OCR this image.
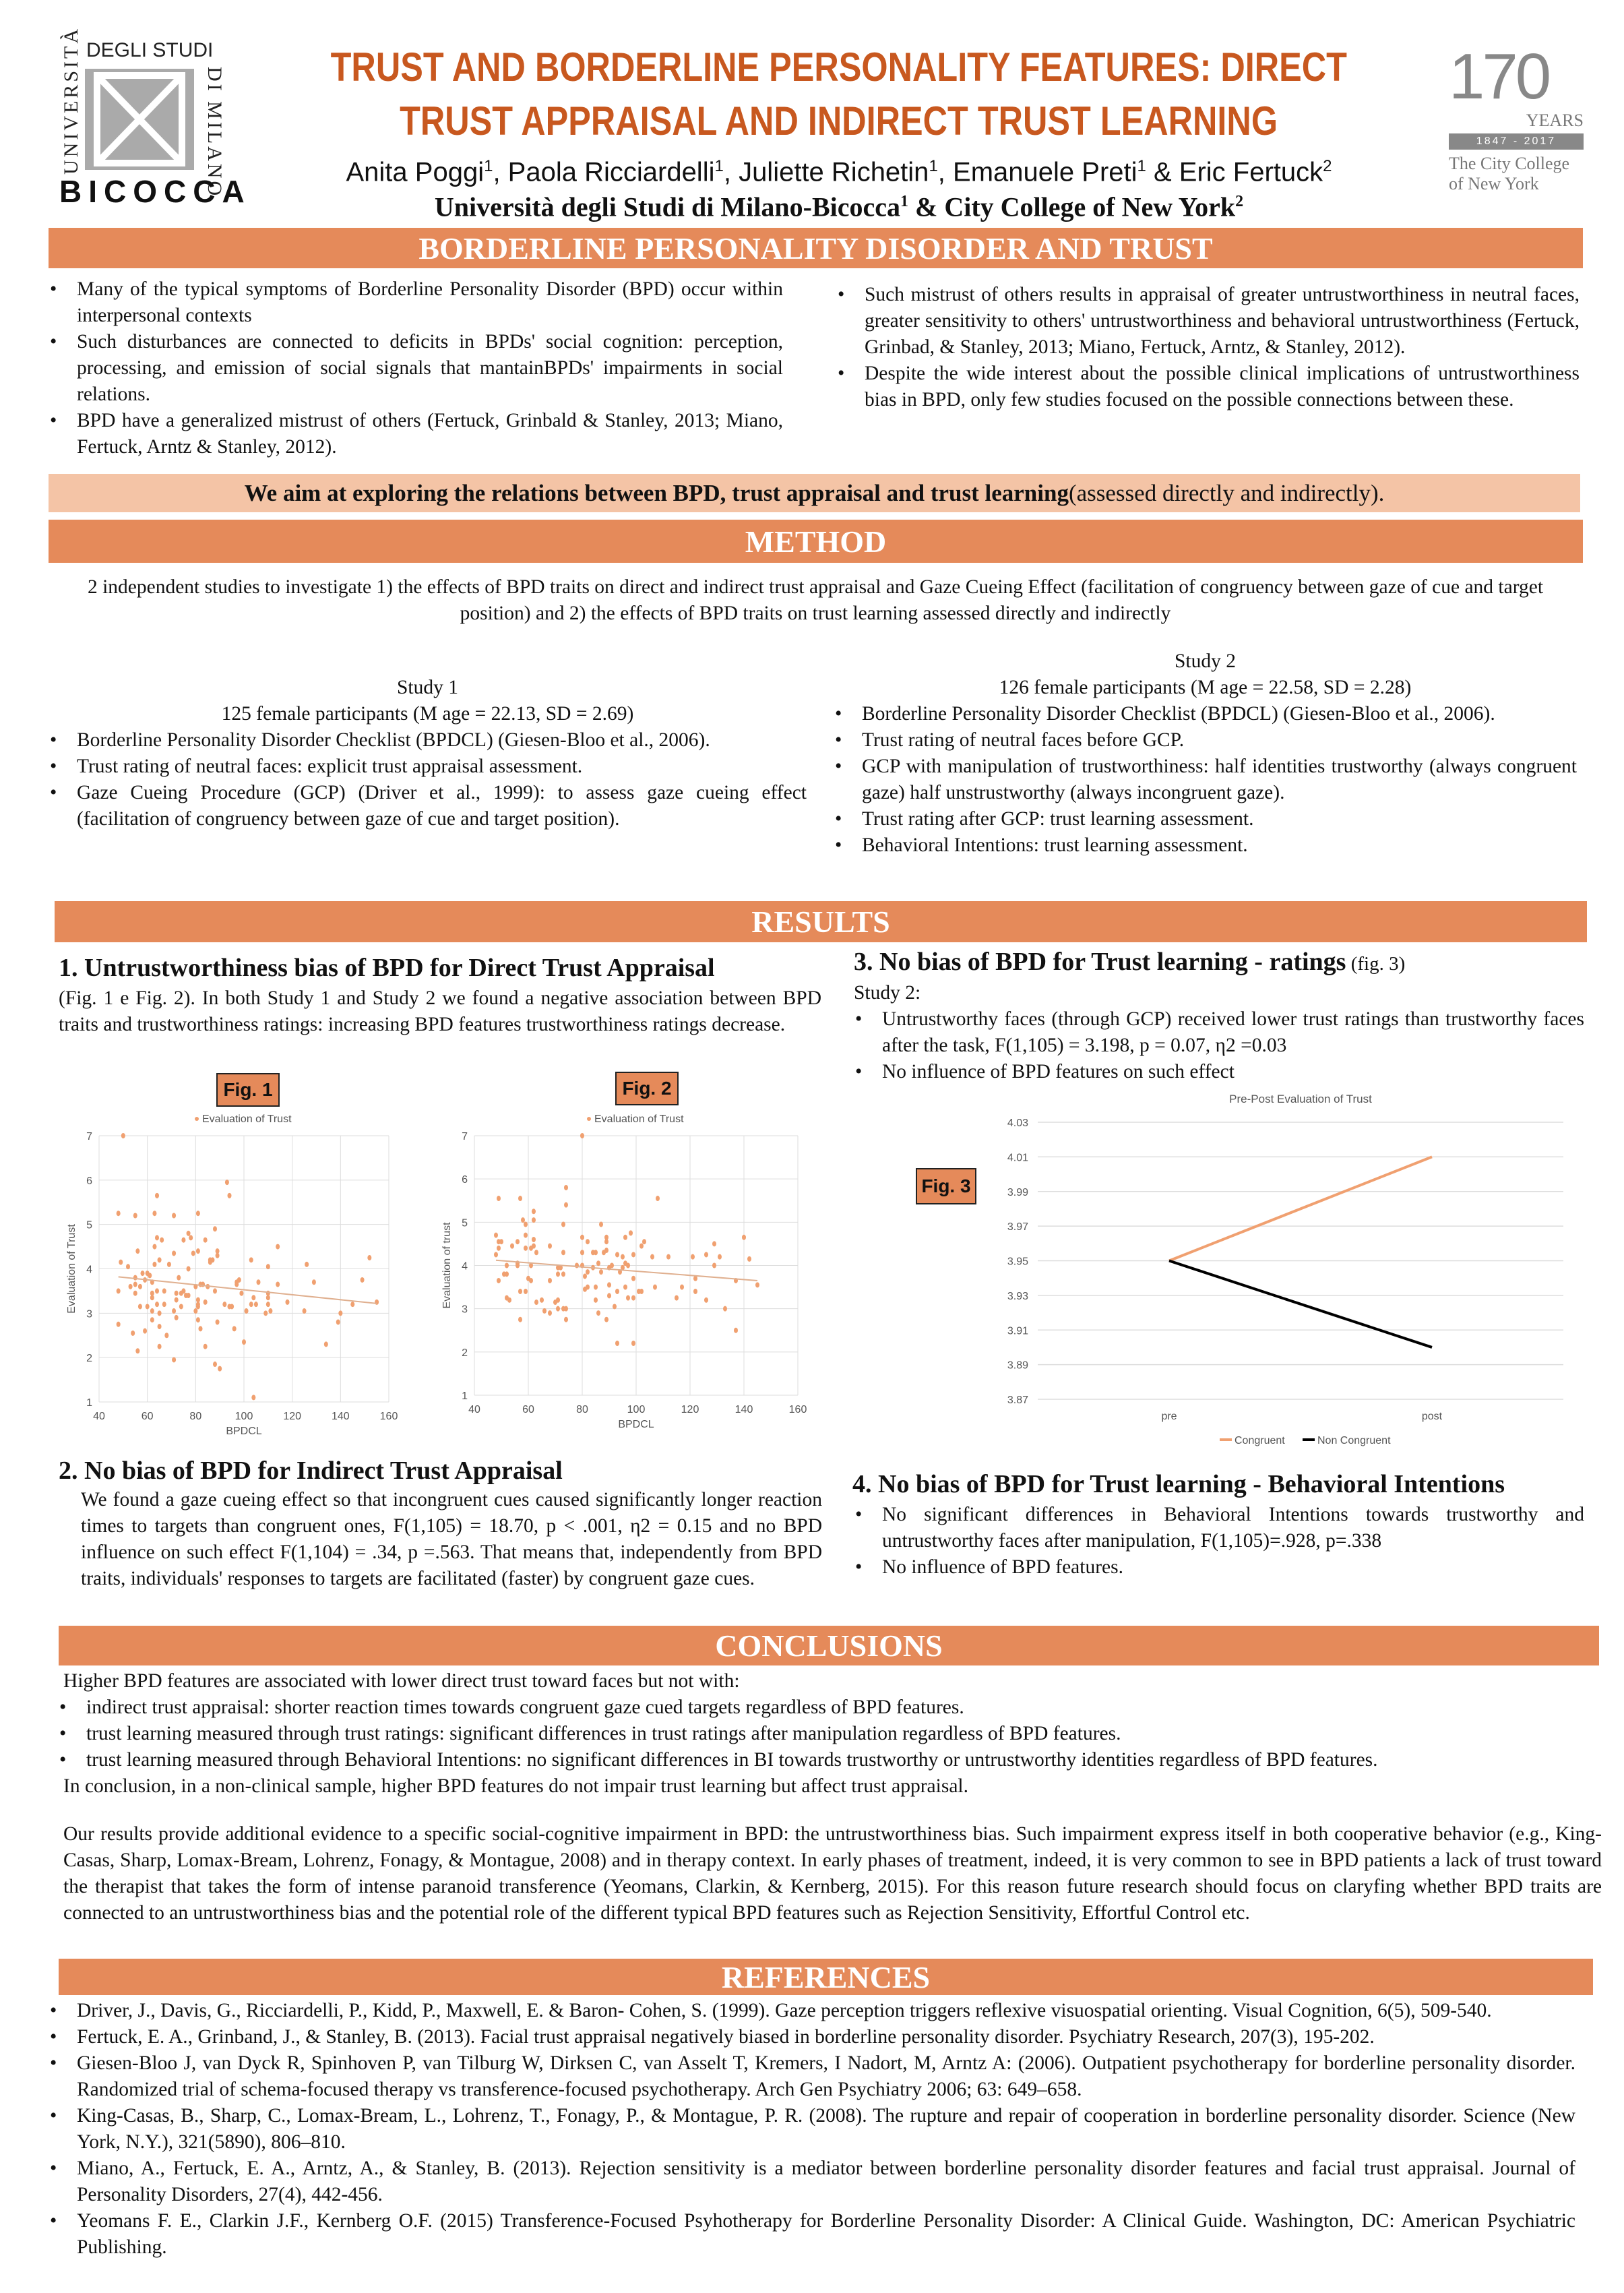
DEGLI STUDI
UNIVERSITÀ	DI MILANO
BICOCCA
TRUST AND BORDERLINE PERSONALITY FEATURES: DIRECT
TRUST APPRAISAL AND INDIRECT TRUST LEARNING
Anita Poggi$^1$, Paola Ricciardelli$^1$, Juliette Richetin$^1$, Emanuele Preti$^1$ & Eric Fertuck$^2$
Università degli Studi di Milano-Bicocca$^1$ & City College of New York$^2$
170
YEARS
1847 - 2017
The City College
of New York
BORDERLINE PERSONALITY DISORDER AND TRUST
• Many of the typical symptoms of Borderline Personality Disorder (BPD) occur within interpersonal contexts
• Such disturbances are connected to deficits in BPDs' social cognition: perception, processing, and emission of social signals that mantainBPDs' impairments in social relations.
• BPD have a generalized mistrust of others (Fertuck, Grinbald & Stanley, 2013; Miano, Fertuck, Arntz & Stanley, 2012).
• Such mistrust of others results in appraisal of greater untrustworthiness in neutral faces, greater sensitivity to others' untrustworthiness and behavioral untrustworthiness (Fertuck, Grinbad, & Stanley, 2013; Miano, Fertuck, Arntz, & Stanley, 2012).
• Despite the wide interest about the possible clinical implications of untrustworthiness bias in BPD, only few studies focused on the possible connections between these.
We aim at exploring the relations between BPD, trust appraisal and trust learning (assessed directly and indirectly).
METHOD
2 independent studies to investigate 1) the effects of BPD traits on direct and indirect trust appraisal and Gaze Cueing Effect (facilitation of congruency between gaze of cue and target position) and 2) the effects of BPD traits on trust learning assessed directly and indirectly
Study 1
125 female participants (M age = 22.13, SD = 2.69)
• Borderline Personality Disorder Checklist (BPDCL) (Giesen-Bloo et al., 2006).
• Trust rating of neutral faces: explicit trust appraisal assessment.
• Gaze Cueing Procedure (GCP) (Driver et al., 1999): to assess gaze cueing effect (facilitation of congruency between gaze of cue and target position).
Study 2
126 female participants (M age = 22.58, SD = 2.28)
• Borderline Personality Disorder Checklist (BPDCL) (Giesen-Bloo et al., 2006).
• Trust rating of neutral faces before GCP.
• GCP with manipulation of trustworthiness: half identities trustworthy (always congruent gaze) half unstrustworthy (always incongruent gaze).
• Trust rating after GCP: trust learning assessment.
• Behavioral Intentions: trust learning assessment.
RESULTS
1. Untrustworthiness bias of BPD for Direct Trust Appraisal
(Fig. 1 e Fig. 2). In both Study 1 and Study 2 we found a negative association between BPD traits and trustworthiness ratings: increasing BPD features trustworthiness ratings decrease.
Fig. 1	Fig. 2
Evaluation of Trust
1
2
3
4
5
6
7
40	60	80	100	120	140	160
BPDCL
Evaluation of Trust
Evaluation of Trust
1
2
3
4
5
6
7
40	60	80	100	120	140	160
BPDCL
Evaluation of trust
2. No bias of BPD for Indirect Trust Appraisal
We found a gaze cueing effect so that incongruent cues caused significantly longer reaction times to targets than congruent ones, F(1,105) = 18.70, p < .001, η2 = 0.15 and no BPD influence on such effect F(1,104) = .34, p =.563. That means that, independently from BPD traits, individuals' responses to targets are facilitated (faster) by congruent gaze cues.
3. No bias of BPD for Trust learning - ratings (fig. 3)
Study 2:
• Untrustworthy faces (through GCP) received lower trust ratings than trustworthy faces after the task, F(1,105) = 3.198, p = 0.07, η2 =0.03
• No influence of BPD features on such effect
Fig. 3
Pre-Post Evaluation of Trust
3.87
3.89
3.91
3.93
3.95
3.97
3.99
4.01
4.03
pre	post
Congruent	Non Congruent
4. No bias of BPD for Trust learning - Behavioral Intentions
• No significant differences in Behavioral Intentions towards trustworthy and untrustworthy faces after manipulation, F(1,105)=.928, p=.338
• No influence of BPD features.
CONCLUSIONS
Higher BPD features are associated with lower direct trust toward faces but not with:
• indirect trust appraisal: shorter reaction times towards congruent gaze cued targets regardless of BPD features.
• trust learning measured through trust ratings: significant differences in trust ratings after manipulation regardless of BPD features.
• trust learning measured through Behavioral Intentions: no significant differences in BI towards trustworthy or untrustworthy identities regardless of BPD features.
In conclusion, in a non-clinical sample, higher BPD features do not impair trust learning but affect trust appraisal.
Our results provide additional evidence to a specific social-cognitive impairment in BPD: the untrustworthiness bias. Such impairment express itself in both cooperative behavior (e.g., King-Casas, Sharp, Lomax-Bream, Lohrenz, Fonagy, & Montague, 2008) and in therapy context. In early phases of treatment, indeed, it is very common to see in BPD patients a lack of trust toward the therapist that takes the form of intense paranoid transference (Yeomans, Clarkin, & Kernberg, 2015). For this reason future research should focus on claryfing whether BPD traits are connected to an untrustworthiness bias and the potential role of the different typical BPD features such as Rejection Sensitivity, Effortful Control etc.
REFERENCES
• Driver, J., Davis, G., Ricciardelli, P., Kidd, P., Maxwell, E. & Baron- Cohen, S. (1999). Gaze perception triggers reflexive visuospatial orienting. Visual Cognition, 6(5), 509-540.
• Fertuck, E. A., Grinband, J., & Stanley, B. (2013). Facial trust appraisal negatively biased in borderline personality disorder. Psychiatry Research, 207(3), 195-202.
• Giesen-Bloo J, van Dyck R, Spinhoven P, van Tilburg W, Dirksen C, van Asselt T, Kremers, I Nadort, M, Arntz A: (2006). Outpatient psychotherapy for borderline personality disorder. Randomized trial of schema-focused therapy vs transference-focused psychotherapy. Arch Gen Psychiatry 2006; 63: 649–658.
• King-Casas, B., Sharp, C., Lomax-Bream, L., Lohrenz, T., Fonagy, P., & Montague, P. R. (2008). The rupture and repair of cooperation in borderline personality disorder. Science (New York, N.Y.), 321(5890), 806–810.
• Miano, A., Fertuck, E. A., Arntz, A., & Stanley, B. (2013). Rejection sensitivity is a mediator between borderline personality disorder features and facial trust appraisal. Journal of Personality Disorders, 27(4), 442-456.
• Yeomans F. E., Clarkin J.F., Kernberg O.F. (2015) Transference-Focused Psyhotherapy for Borderline Personality Disorder: A Clinical Guide. Washington, DC: American Psychiatric Publishing.
